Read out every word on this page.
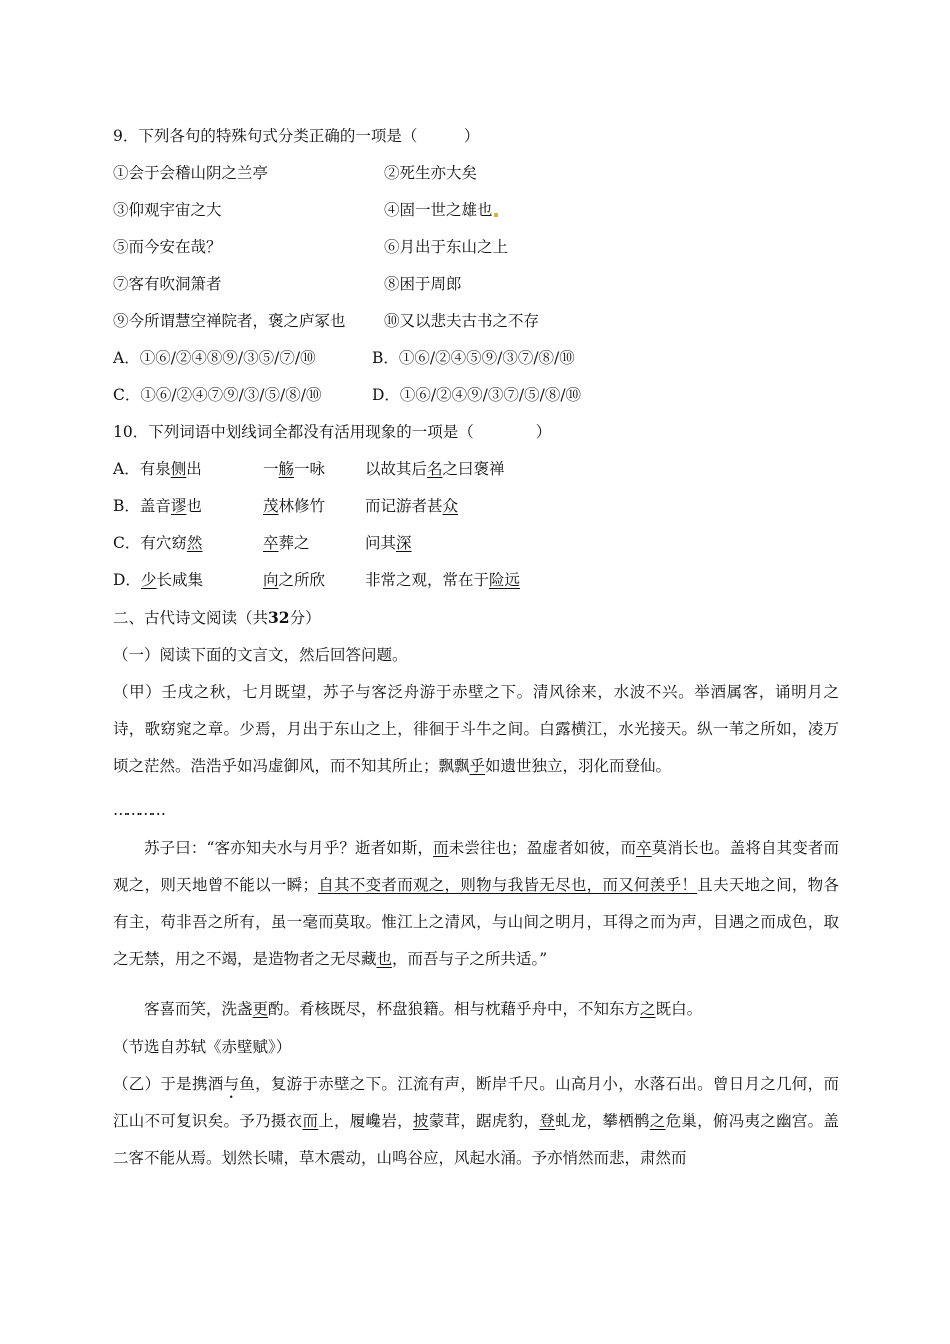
9．下列各句的特殊句式分类正确的一项是（　　　）
①会于会稽山阴之兰亭	②死生亦大矣
③仰观宇宙之大	④固一世之雄也
⑤而今安在哉？	⑥月出于东山之上
⑦客有吹洞箫者	⑧困于周郎
⑨今所谓慧空禅院者，褒之庐冢也 ⑩又以悲夫古书之不存
A．①⑥/②④⑧⑨/③⑤/⑦/⑩	B．①⑥/②④⑤⑨/③⑦/⑧/⑩
C．①⑥/②④⑦⑨/③/⑤/⑧/⑩	D．①⑥/②④⑨/③⑦/⑤/⑧/⑩
10．下列词语中划线词全都没有活用现象的一项是（　　　　）
A．有泉侧出	一觞一咏	以故其后名之曰褒禅
B．盖音谬也	茂林修竹	而记游者甚众
C．有穴窈然	卒葬之	问其深
D．少长咸集	向之所欣	非常之观，常在于险远
二、古代诗文阅读（共32分）
（一）阅读下面的文言文，然后回答问题。
（甲）壬戌之秋，七月既望，苏子与客泛舟游于赤壁之下。清风徐来，水波不兴。举酒属客，诵明月之诗，歌窈窕之章。少焉，月出于东山之上，徘徊于斗牛之间。白露横江，水光接天。纵一苇之所如，凌万顷之茫然。浩浩乎如冯虚御风，而不知其所止；飘飘乎如遗世独立，羽化而登仙。
…………
苏子曰：“客亦知夫水与月乎？逝者如斯，而未尝往也；盈虚者如彼，而卒莫消长也。盖将自其变者而观之，则天地曾不能以一瞬；自其不变者而观之，则物与我皆无尽也，而又何羡乎！且夫天地之间，物各有主，苟非吾之所有，虽一毫而莫取。惟江上之清风，与山间之明月，耳得之而为声，目遇之而成色，取之无禁，用之不竭，是造物者之无尽藏也，而吾与子之所共适。”
客喜而笑，洗盏更酌。肴核既尽，杯盘狼籍。相与枕藉乎舟中，不知东方之既白。
（节选自苏轼《赤壁赋》）
（乙）于是携酒与鱼，复游于赤壁之下。江流有声，断岸千尺。山高月小，水落石出。曾日月之几何，而江山不可复识矣。予乃摄衣而上，履巉岩，披蒙茸，踞虎豹，登虬龙，攀栖鹘之危巢，俯冯夷之幽宫。盖二客不能从焉。划然长啸，草木震动，山鸣谷应，风起水涌。予亦悄然而悲，肃然而
